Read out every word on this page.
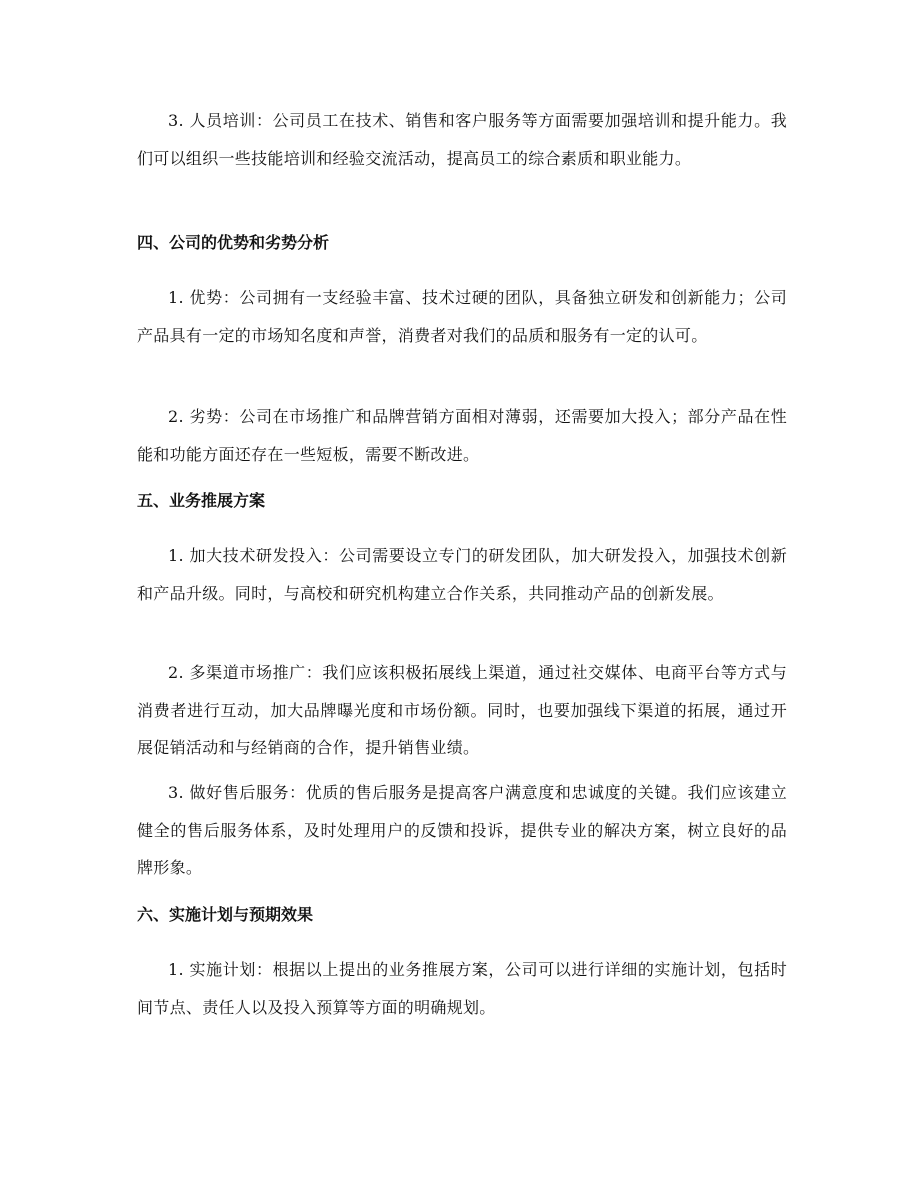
3. 人员培训：公司员工在技术、销售和客户服务等方面需要加强培训和提升能力。我们可以组织一些技能培训和经验交流活动，提高员工的综合素质和职业能力。

四、公司的优势和劣势分析

1. 优势：公司拥有一支经验丰富、技术过硬的团队，具备独立研发和创新能力；公司产品具有一定的市场知名度和声誉，消费者对我们的品质和服务有一定的认可。

2. 劣势：公司在市场推广和品牌营销方面相对薄弱，还需要加大投入；部分产品在性能和功能方面还存在一些短板，需要不断改进。

五、业务推展方案

1. 加大技术研发投入：公司需要设立专门的研发团队，加大研发投入，加强技术创新和产品升级。同时，与高校和研究机构建立合作关系，共同推动产品的创新发展。

2. 多渠道市场推广：我们应该积极拓展线上渠道，通过社交媒体、电商平台等方式与消费者进行互动，加大品牌曝光度和市场份额。同时，也要加强线下渠道的拓展，通过开展促销活动和与经销商的合作，提升销售业绩。

3. 做好售后服务：优质的售后服务是提高客户满意度和忠诚度的关键。我们应该建立健全的售后服务体系，及时处理用户的反馈和投诉，提供专业的解决方案，树立良好的品牌形象。

六、实施计划与预期效果

1. 实施计划：根据以上提出的业务推展方案，公司可以进行详细的实施计划，包括时间节点、责任人以及投入预算等方面的明确规划。
